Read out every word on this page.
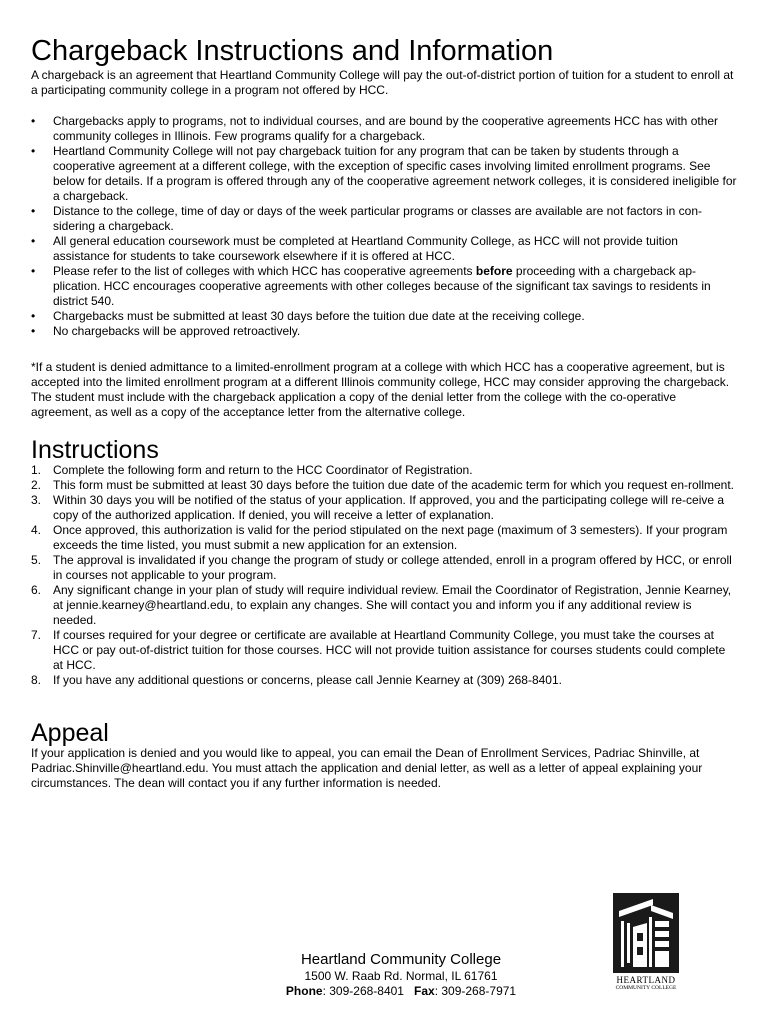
Chargeback Instructions and Information

A chargeback is an agreement that Heartland Community College will pay the out-of-district portion of tuition for a student to enroll at a participating community college in a program not offered by HCC.

• Chargebacks apply to programs, not to individual courses, and are bound by the cooperative agreements HCC has with other community colleges in Illinois. Few programs qualify for a chargeback.
• Heartland Community College will not pay chargeback tuition for any program that can be taken by students through a cooperative agreement at a different college, with the exception of specific cases involving limited enrollment programs. See below for details. If a program is offered through any of the cooperative agreement network colleges, it is considered ineligible for a chargeback.
• Distance to the college, time of day or days of the week particular programs or classes are available are not factors in con-sidering a chargeback.
• All general education coursework must be completed at Heartland Community College, as HCC will not provide tuition assistance for students to take coursework elsewhere if it is offered at HCC.
• Please refer to the list of colleges with which HCC has cooperative agreements before proceeding with a chargeback ap-plication. HCC encourages cooperative agreements with other colleges because of the significant tax savings to residents in district 540.
• Chargebacks must be submitted at least 30 days before the tuition due date at the receiving college.
• No chargebacks will be approved retroactively.

*If a student is denied admittance to a limited-enrollment program at a college with which HCC has a cooperative agreement, but is accepted into the limited enrollment program at a different Illinois community college, HCC may consider approving the chargeback. The student must include with the chargeback application a copy of the denial letter from the college with the co-operative agreement, as well as a copy of the acceptance letter from the alternative college.

Instructions
1. Complete the following form and return to the HCC Coordinator of Registration.
2. This form must be submitted at least 30 days before the tuition due date of the academic term for which you request en-rollment.
3. Within 30 days you will be notified of the status of your application. If approved, you and the participating college will re-ceive a copy of the authorized application. If denied, you will receive a letter of explanation.
4. Once approved, this authorization is valid for the period stipulated on the next page (maximum of 3 semesters). If your program exceeds the time listed, you must submit a new application for an extension.
5. The approval is invalidated if you change the program of study or college attended, enroll in a program offered by HCC, or enroll in courses not applicable to your program.
6. Any significant change in your plan of study will require individual review. Email the Coordinator of Registration, Jennie Kearney, at jennie.kearney@heartland.edu, to explain any changes. She will contact you and inform you if any additional review is needed.
7. If courses required for your degree or certificate are available at Heartland Community College, you must take the courses at HCC or pay out-of-district tuition for those courses. HCC will not provide tuition assistance for courses students could complete at HCC.
8. If you have any additional questions or concerns, please call Jennie Kearney at (309) 268-8401.
Appeal

If your application is denied and you would like to appeal, you can email the Dean of Enrollment Services, Padriac Shinville, at Padriac.Shinville@heartland.edu. You must attach the application and denial letter, as well as a letter of appeal explaining your circumstances. The dean will contact you if any further information is needed.

Heartland Community College
1500 W. Raab Rd. Normal, IL 61761
Phone: 309-268-8401 Fax: 309-268-7971
HEARTLAND
COMMUNITY COLLEGE
